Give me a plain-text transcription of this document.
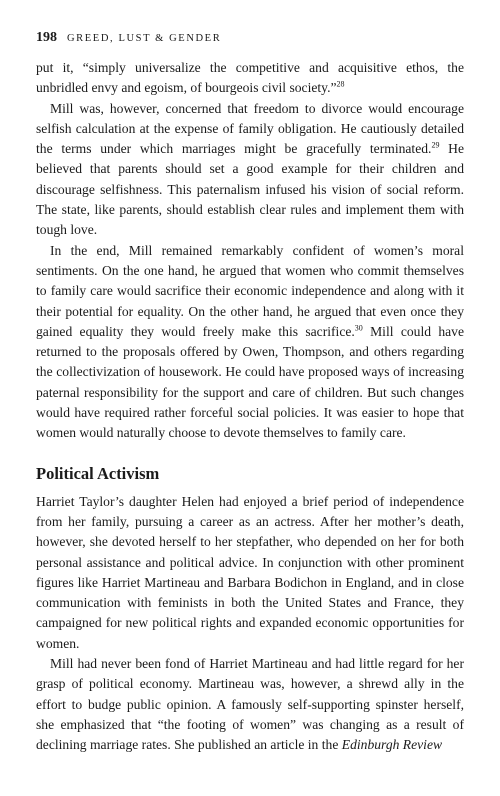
198 GREED, LUST & GENDER

put it, “simply universalize the competitive and acquisitive ethos, the unbridled envy and egoism, of bourgeois civil society.”$^{28}$

Mill was, however, concerned that freedom to divorce would encourage selfish calculation at the expense of family obligation. He cautiously detailed the terms under which marriages might be gracefully terminated.$^{29}$ He believed that parents should set a good example for their children and discourage selfishness. This paternalism infused his vision of social reform. The state, like parents, should establish clear rules and implement them with tough love.

In the end, Mill remained remarkably confident of women’s moral sentiments. On the one hand, he argued that women who commit themselves to family care would sacrifice their economic independence and along with it their potential for equality. On the other hand, he argued that even once they gained equality they would freely make this sacrifice.$^{30}$ Mill could have returned to the proposals offered by Owen, Thompson, and others regarding the collectivization of housework. He could have proposed ways of increasing paternal responsibility for the support and care of children. But such changes would have required rather forceful social policies. It was easier to hope that women would naturally choose to devote themselves to family care.

Political Activism

Harriet Taylor’s daughter Helen had enjoyed a brief period of independence from her family, pursuing a career as an actress. After her mother’s death, however, she devoted herself to her stepfather, who depended on her for both personal assistance and political advice. In conjunction with other prominent figures like Harriet Martineau and Barbara Bodichon in England, and in close communication with feminists in both the United States and France, they campaigned for new political rights and expanded economic opportunities for women.

Mill had never been fond of Harriet Martineau and had little regard for her grasp of political economy. Martineau was, however, a shrewd ally in the effort to budge public opinion. A famously self-supporting spinster herself, she emphasized that “the footing of women” was changing as a result of declining marriage rates. She published an article in the Edinburgh Review
